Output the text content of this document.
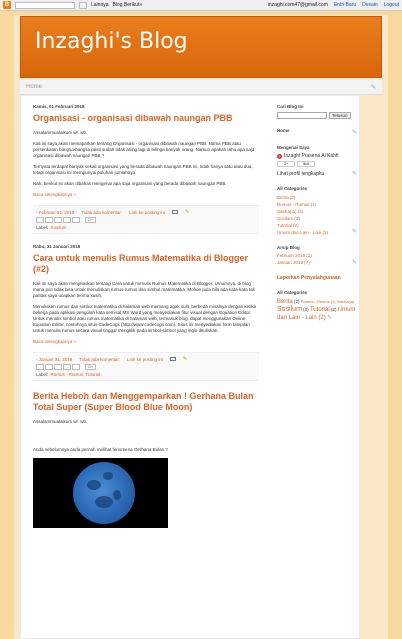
B	Lainnya Blog Berikut»	inzaghi.com47@gmail.com Entri Baru Desain Logout
Inzaghi's Blog
Home	✎
Kamis, 01 Februari 2018
Organisasi - organisasi dibawah naungan PBB

Assalammualaikum wr. wb.

Kali ini saya akan memaparkan tentang Organisasi - organisasi dibawah naungan PBB. Nama PBB atau perserikatan bangsa-bangsa pasti sudah tidak asing lagi di telinga banyak orang. Namun apakah tahu apa saja organisasi dibawah naungan PBB ?

Ternyata terdapat banyak sekali organisasi yang berada dibawah naungan PBB ini, tidak hanya satu atau dua, tetapi organisasi ini mempunyai puluhan jumlahnya.

Nah, berikut ini akan dibahas mengenai apa saja organisasi yang berada dibawah naungan PBB.

Baca selengkapnya »
- Februari 01, 2018 Tidak ada komentar: Link ke posting ini	✎
G+
Label: Sosilum
Rabu, 31 Januari 2018
Cara untuk menulis Rumus Matematika di Blogger (#2)

Kali ini saya akan menjelaskan tentang Cara untuk menulis Rumus Matematika di Blogger. Umumnya, di blog mana pun tidak bisa untuk menuliskan rumus-rumus dan simbol matematika. Mohon pula bila ada kata-kata tak pantas saya ucapkan terima kasih.

Menuliskan rumus dan simbol matematika di halaman web memang agak sulit, berbeda misalnya dengan ketika bekerja pada aplikasi pengolah kata semisal MS Word yang menyediakan fitur visual dengan Equation Editor. Untuk menulis simbol atau rumus matematika di halaman web, termasuk blog, dapat menggunakan Online Equation Editor, contohnya situs CodeCogs (http://www.codecogs.com). Situs ini menyediakan form tampilan untuk menulis rumus secara visual tinggal mengklik pada simbol-simbol yang ingin dituliskan.

Baca selengkapnya »
- Januari 31, 2018 Tidak ada komentar: Link ke posting ini	✎
G+
Label: Rumus - Rumus, Tutorial
Berita Heboh dan Menggemparkan ! Gerhana Bulan Total Super (Super Blood Blue Moon)

Assalammualaikum wr. wb.

Anda sebelumnya anda pernah melihat fenomena Gerhana Bulan ?

Cari Blog Ini
Telusuri
Home	✎
Mengenai Saya
g Inzaghi Prasena Al Kahfi
G+	Ikuti
Lihat profil lengkapku	✎
All Categories
Berita (2)
Rumus - Rumus (1)
Sastra(ia) (1)
Sosilum (3)
Tutorial (2)
Umum dan Lain - Lain (2)	✎
Arsip Blog
Februari 2018 (1)
Januari 2018 (7)	✎
Laporkan Penyalahgunaan
All Categories
Berita (2) Rumus - Rumus (1) Sastra(ia) Sosilum (3) Tutorial (2) Umum dan Lain - Lain (2) ✎
